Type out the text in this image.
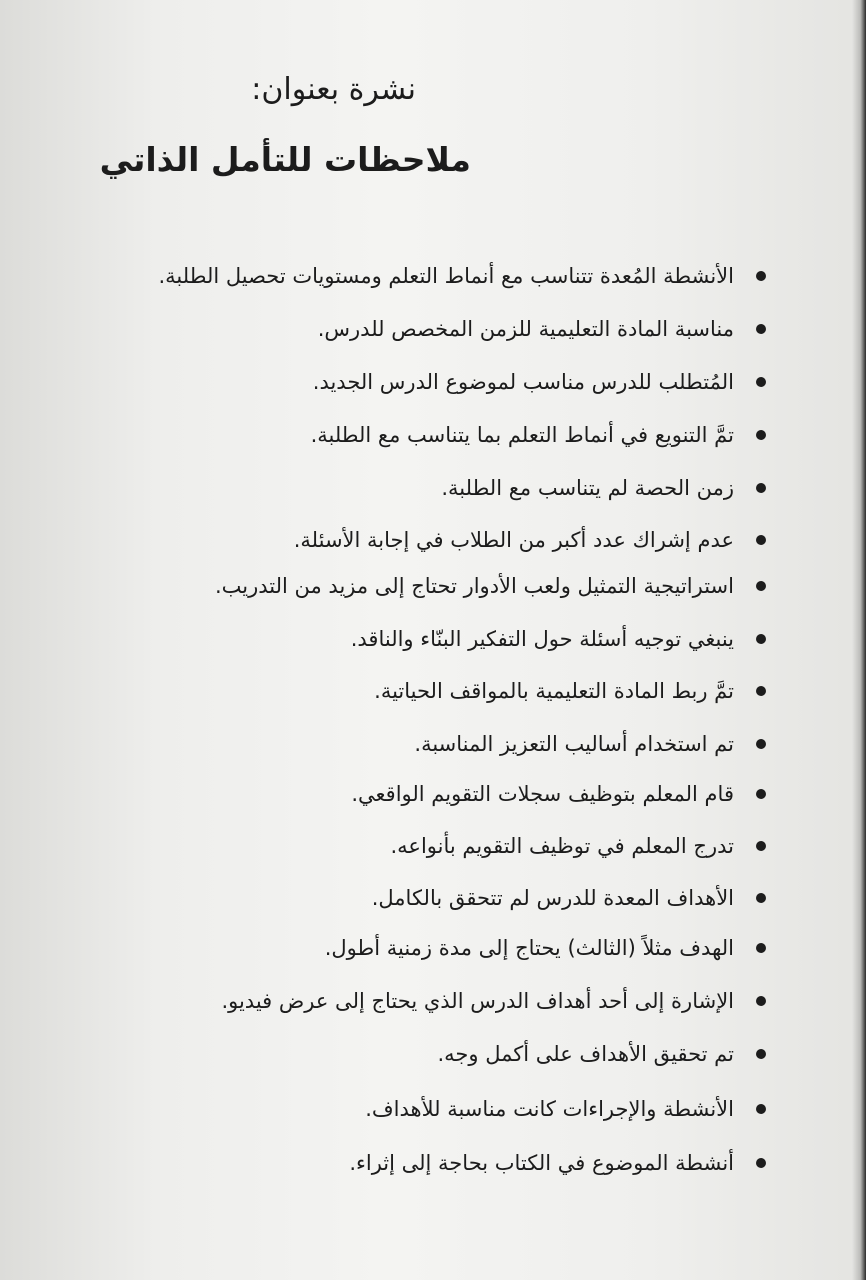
نشرة بعنوان:
ملاحظات للتأمل الذاتي
الأنشطة المُعدة تتناسب مع أنماط التعلم ومستويات تحصيل الطلبة.
مناسبة المادة التعليمية للزمن المخصص للدرس.
المُتطلب للدرس مناسب لموضوع الدرس الجديد.
تمَّ التنويع في أنماط التعلم بما يتناسب مع الطلبة.
زمن الحصة لم يتناسب مع الطلبة.
عدم إشراك عدد أكبر من الطلاب في إجابة الأسئلة.
استراتيجية التمثيل ولعب الأدوار تحتاج إلى مزيد من التدريب.
ينبغي توجيه أسئلة حول التفكير البنّاء والناقد.
تمَّ ربط المادة التعليمية بالمواقف الحياتية.
تم استخدام أساليب التعزيز المناسبة.
قام المعلم بتوظيف سجلات التقويم الواقعي.
تدرج المعلم في توظيف التقويم بأنواعه.
الأهداف المعدة للدرس لم تتحقق بالكامل.
الهدف مثلاً (الثالث) يحتاج إلى مدة زمنية أطول.
الإشارة إلى أحد أهداف الدرس الذي يحتاج إلى عرض فيديو.
تم تحقيق الأهداف على أكمل وجه.
الأنشطة والإجراءات كانت مناسبة للأهداف.
أنشطة الموضوع في الكتاب بحاجة إلى إثراء.
